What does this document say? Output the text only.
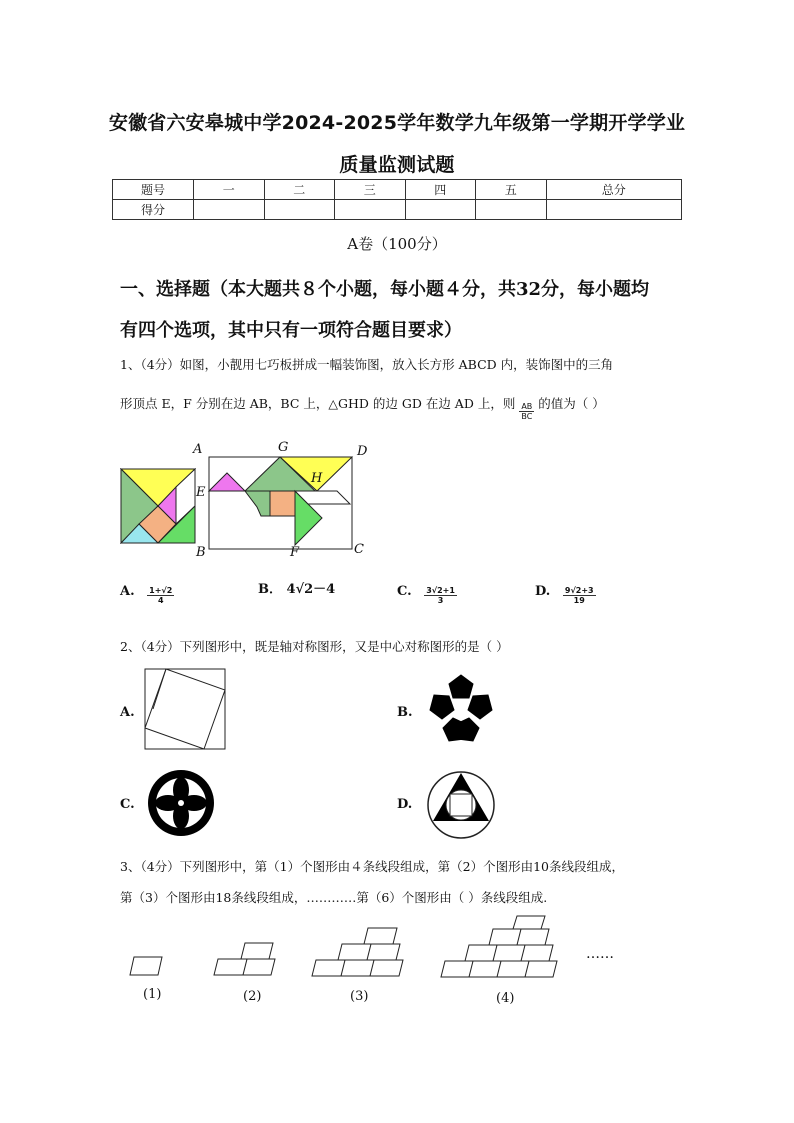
安徽省六安皋城中学2024-2025学年数学九年级第一学期开学学业
质量监测试题
题号	一	二	三	四	五	总分
得分						
A卷（100分）
一、选择题（本大题共８个小题，每小题４分，共32分，每小题均
有四个选项，其中只有一项符合题目要求）
1、（4分）如图，小靓用七巧板拼成一幅装饰图，放入长方形 ABCD 内，装饰图中的三角
形顶点 E，F 分别在边 AB，BC 上，△GHD 的边 GD 在边 AD 上，则 $\frac{AB}{BC}$ 的值为（ ）
A	G	D
E
H
B	F	C
A. $\frac{1+√2}{4}$	B． 4√2－4	C. $\frac{3√2+1}{3}$	D. $\frac{9√2+3}{19}$
2、（4分）下列图形中，既是轴对称图形，又是中心对称图形的是（ ）
A.	B.
C.	D.
3、（4分）下列图形中，第（1）个图形由４条线段组成，第（2）个图形由10条线段组成，
第（3）个图形由18条线段组成，…………第（6）个图形由（ ）条线段组成.
……
(1)	(2)	(3)	(4)
